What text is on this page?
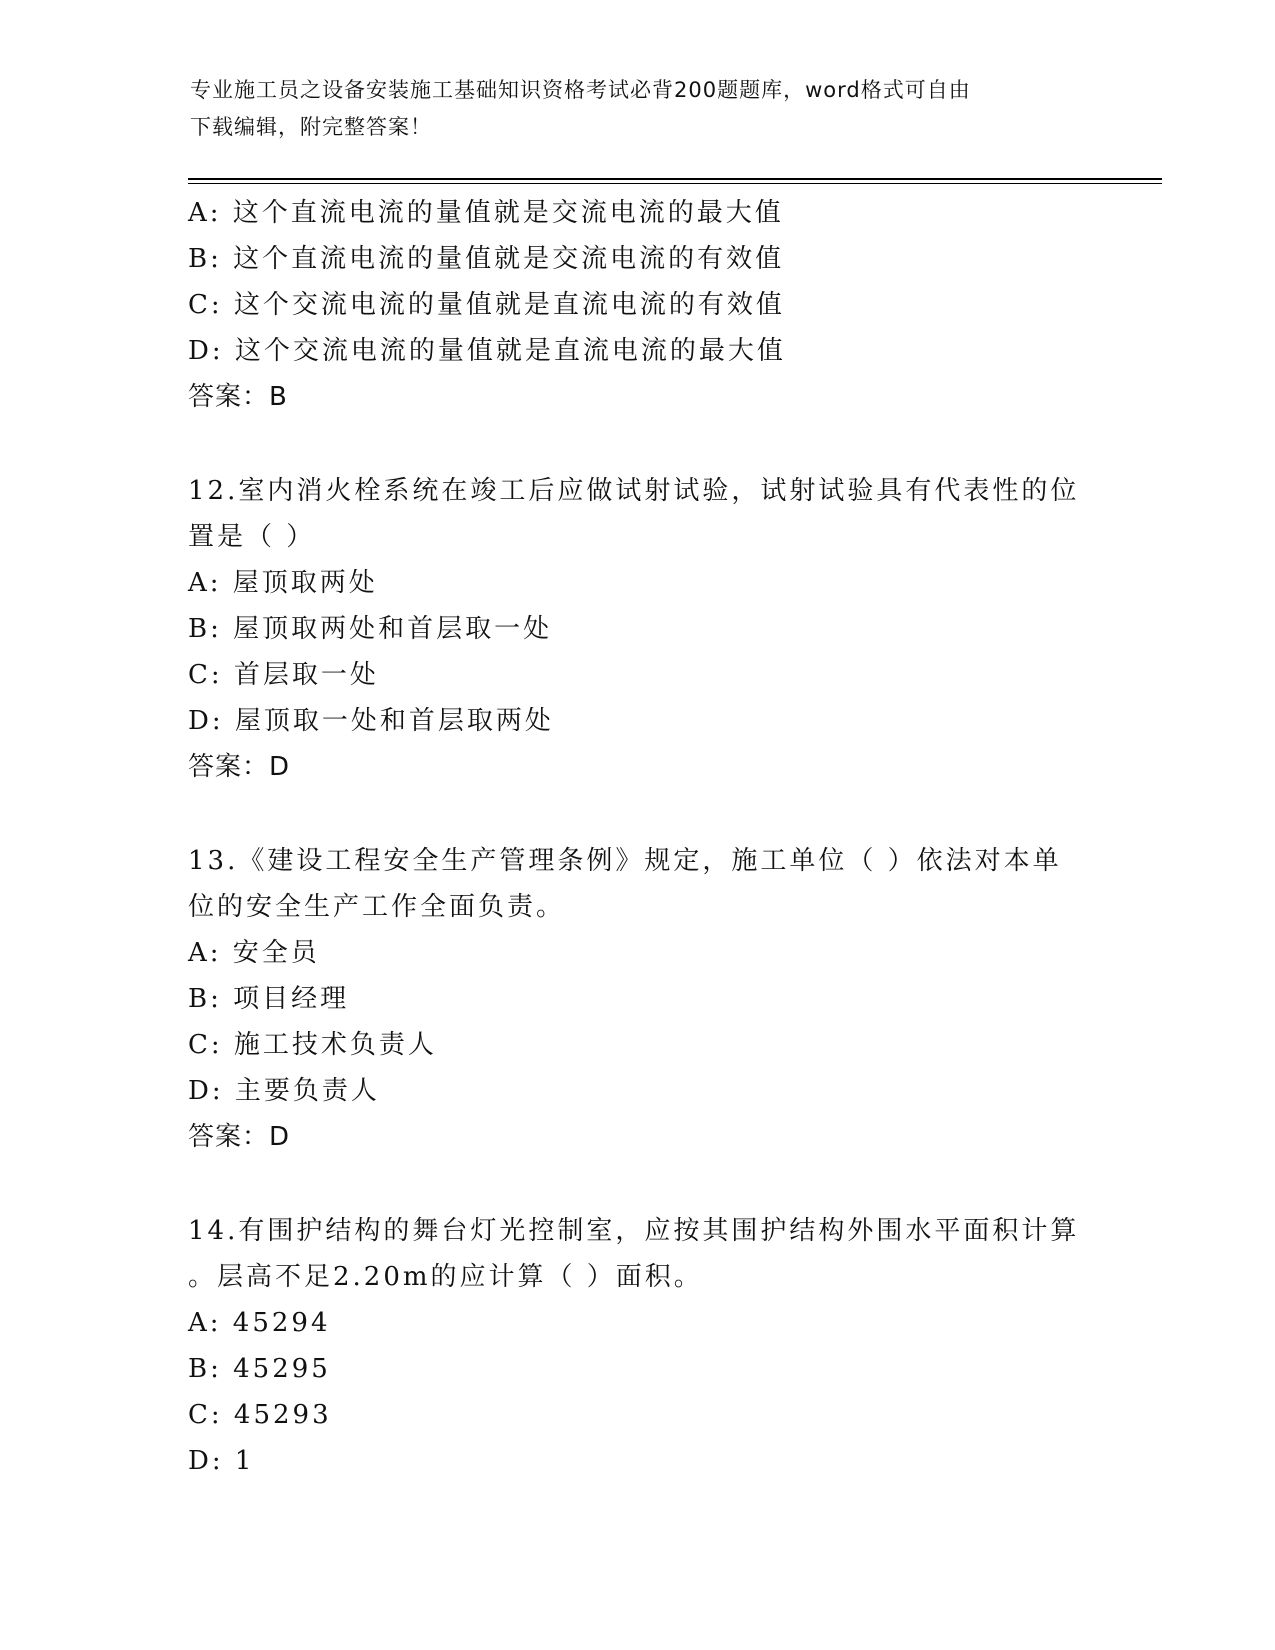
专业施工员之设备安装施工基础知识资格考试必背200题题库，word格式可自由
下载编辑，附完整答案！
A: 这个直流电流的量值就是交流电流的最大值
B: 这个直流电流的量值就是交流电流的有效值
C: 这个交流电流的量值就是直流电流的有效值
D: 这个交流电流的量值就是直流电流的最大值
答案：B
12.室内消火栓系统在竣工后应做试射试验，试射试验具有代表性的位
置是（ ）
A: 屋顶取两处
B: 屋顶取两处和首层取一处
C: 首层取一处
D: 屋顶取一处和首层取两处
答案：D
13.《建设工程安全生产管理条例》规定，施工单位（ ）依法对本单
位的安全生产工作全面负责。
A: 安全员
B: 项目经理
C: 施工技术负责人
D: 主要负责人
答案：D
14.有围护结构的舞台灯光控制室，应按其围护结构外围水平面积计算
。层高不足2.20m的应计算（ ）面积。
A: 45294
B: 45295
C: 45293
D: 1
